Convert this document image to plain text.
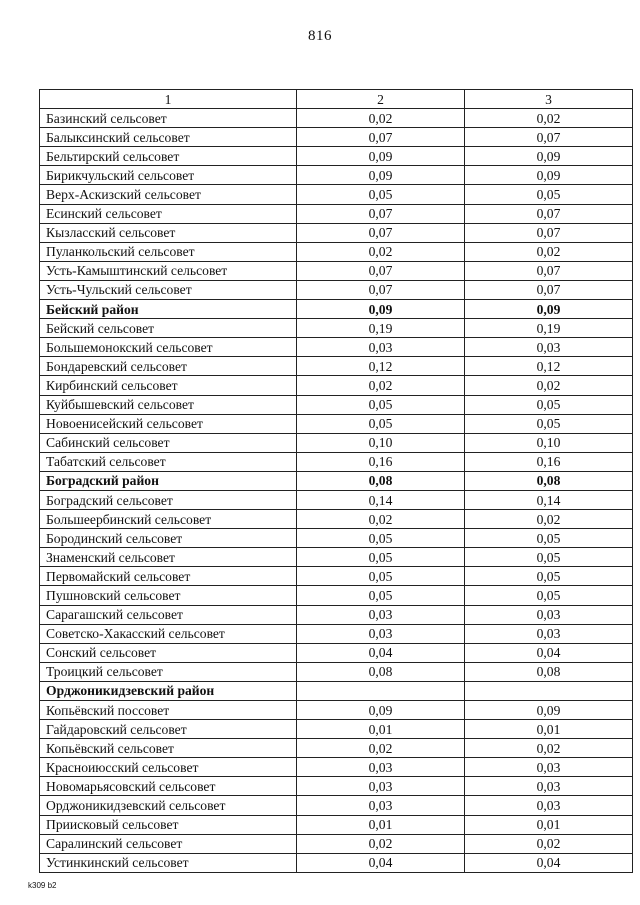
816
1	2	3
Базинский сельсовет	0,02	0,02
Балыксинский сельсовет	0,07	0,07
Бельтирский сельсовет	0,09	0,09
Бирикчульский сельсовет	0,09	0,09
Верх-Аскизский сельсовет	0,05	0,05
Есинский сельсовет	0,07	0,07
Кызласский сельсовет	0,07	0,07
Пуланкольский сельсовет	0,02	0,02
Усть-Камыштинский сельсовет	0,07	0,07
Усть-Чульский сельсовет	0,07	0,07
Бейский район	0,09	0,09
Бейский сельсовет	0,19	0,19
Большемонокский сельсовет	0,03	0,03
Бондаревский сельсовет	0,12	0,12
Кирбинский сельсовет	0,02	0,02
Куйбышевский сельсовет	0,05	0,05
Новоенисейский сельсовет	0,05	0,05
Сабинский сельсовет	0,10	0,10
Табатский сельсовет	0,16	0,16
Боградский район	0,08	0,08
Боградский сельсовет	0,14	0,14
Большеербинский сельсовет	0,02	0,02
Бородинский сельсовет	0,05	0,05
Знаменский сельсовет	0,05	0,05
Первомайский сельсовет	0,05	0,05
Пушновский сельсовет	0,05	0,05
Сарагашский сельсовет	0,03	0,03
Советско-Хакасский сельсовет	0,03	0,03
Сонский сельсовет	0,04	0,04
Троицкий сельсовет	0,08	0,08
Орджоникидзевский район		
Копьёвский поссовет	0,09	0,09
Гайдаровский сельсовет	0,01	0,01
Копьёвский сельсовет	0,02	0,02
Красноиюсский сельсовет	0,03	0,03
Новомарьясовский сельсовет	0,03	0,03
Орджоникидзевский сельсовет	0,03	0,03
Приисковый сельсовет	0,01	0,01
Саралинский сельсовет	0,02	0,02
Устинкинский сельсовет	0,04	0,04
k309 b2
